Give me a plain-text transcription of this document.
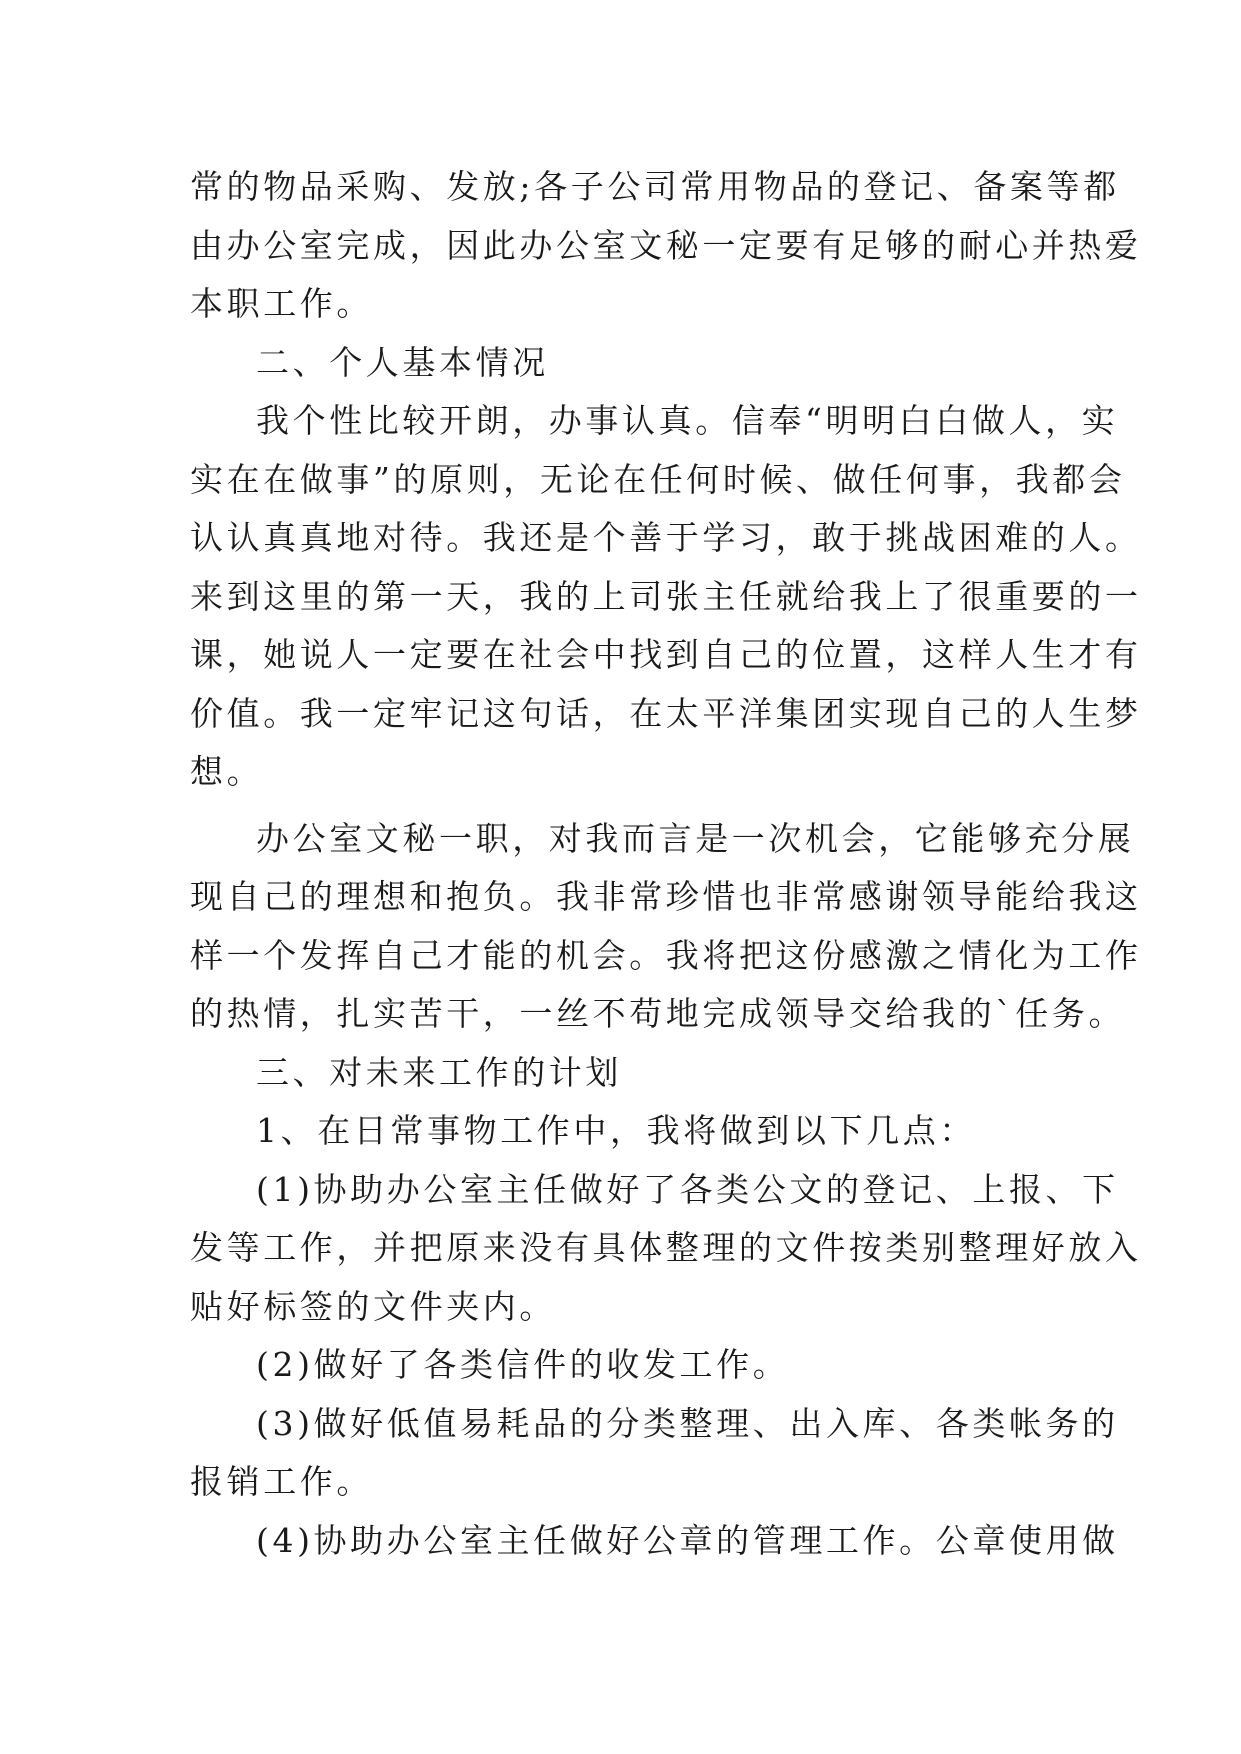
常的物品采购、发放;各子公司常用物品的登记、备案等都
由办公室完成，因此办公室文秘一定要有足够的耐心并热爱
本职工作。
二、个人基本情况
我个性比较开朗，办事认真。信奉“明明白白做人，实
实在在做事”的原则，无论在任何时候、做任何事，我都会
认认真真地对待。我还是个善于学习，敢于挑战困难的人。
来到这里的第一天，我的上司张主任就给我上了很重要的一
课，她说人一定要在社会中找到自己的位置，这样人生才有
价值。我一定牢记这句话，在太平洋集团实现自己的人生梦
想。
办公室文秘一职，对我而言是一次机会，它能够充分展
现自己的理想和抱负。我非常珍惜也非常感谢领导能给我这
样一个发挥自己才能的机会。我将把这份感激之情化为工作
的热情，扎实苦干，一丝不苟地完成领导交给我的`任务。
三、对未来工作的计划
1、在日常事物工作中，我将做到以下几点：
(1)协助办公室主任做好了各类公文的登记、上报、下
发等工作，并把原来没有具体整理的文件按类别整理好放入
贴好标签的文件夹内。
(2)做好了各类信件的收发工作。
(3)做好低值易耗品的分类整理、出入库、各类帐务的
报销工作。
(4)协助办公室主任做好公章的管理工作。公章使用做
